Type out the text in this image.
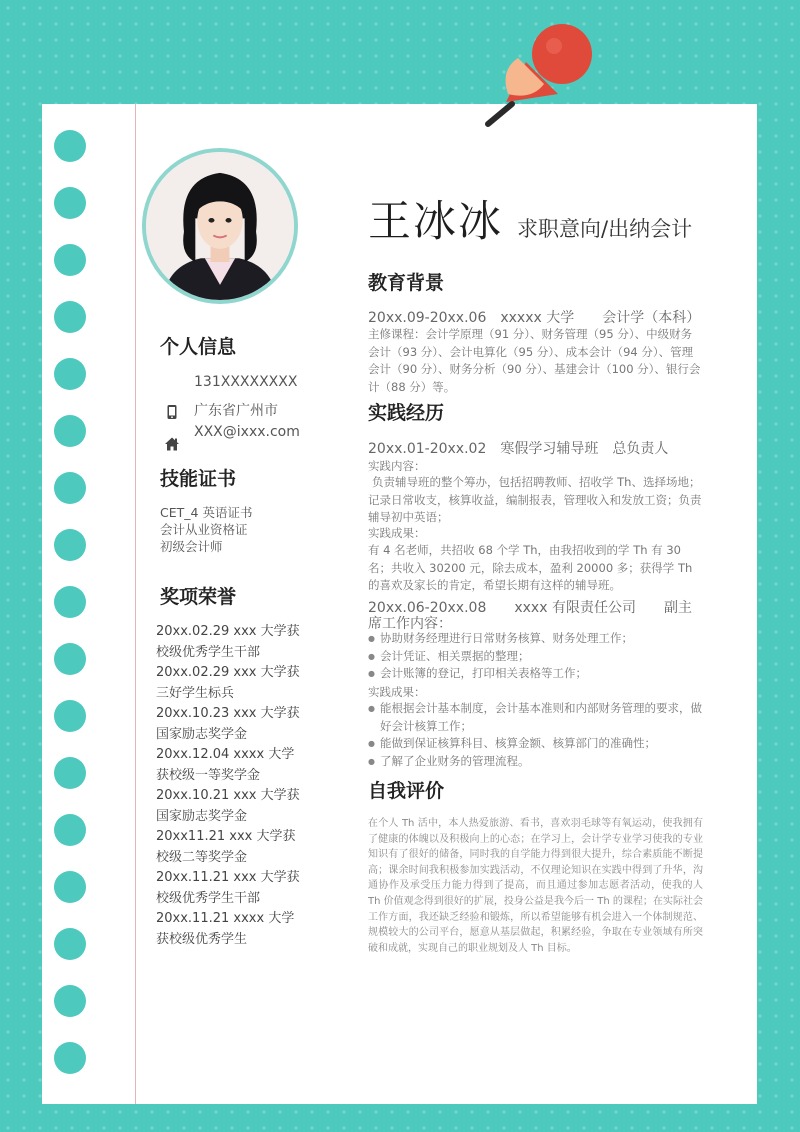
个人信息
131XXXXXXXX
广东省广州市
XXX@ixxx.com
技能证书
CET_4 英语证书
会计从业资格证
初级会计师
奖项荣誉
20xx.02.29 xxx 大学获校级优秀学生干部
20xx.02.29 xxx 大学获三好学生标兵
20xx.10.23 xxx 大学获国家励志奖学金
20xx.12.04 xxxx 大学获校级一等奖学金
20xx.10.21 xxx 大学获国家励志奖学金
20xx11.21 xxx 大学获校级二等奖学金
20xx.11.21 xxx 大学获校级优秀学生干部
20xx.11.21 xxxx 大学获校级优秀学生
王冰冰 求职意向/出纳会计
教育背景
20xx.09-20xx.06　xxxxx 大学　　会计学（本科）
主修课程：会计学原理（91 分）、财务管理（95 分）、中级财务会计（93 分）、会计电算化（95 分）、成本会计（94 分）、管理会计（90 分）、财务分析（90 分）、基建会计（100 分）、银行会计（88 分）等。
实践经历
20xx.01-20xx.02　寒假学习辅导班　总负责人
实践内容：
负责辅导班的整个筹办，包括招聘教师、招收学 Th、选择场地；记录日常收支，核算收益，编制报表，管理收入和发放工资；负责辅导初中英语；
实践成果：
有 4 名老师，共招收 68 个学 Th，由我招收到的学 Th 有 30 名；共收入 30200 元，除去成本，盈利 20000 多；获得学 Th 的喜欢及家长的肯定，希望长期有这样的辅导班。
20xx.06-20xx.08　　xxxx 有限责任公司　　副主席工作内容：
● 协助财务经理进行日常财务核算、财务处理工作；
● 会计凭证、相关票据的整理；
● 会计账簿的登记，打印相关表格等工作；
实践成果：
● 能根据会计基本制度，会计基本准则和内部财务管理的要求，做好会计核算工作；
● 能做到保证核算科目、核算金额、核算部门的准确性；
● 了解了企业财务的管理流程。
自我评价
在个人 Th 活中，本人热爱旅游、看书，喜欢羽毛球等有氧运动，使我拥有了健康的体魄以及积极向上的心态；在学习上，会计学专业学习使我的专业知识有了很好的储备，同时我的自学能力得到很大提升，综合素质能不断提高；课余时间我积极参加实践活动，不仅理论知识在实践中得到了升华，沟通协作及承受压力能力得到了提高，而且通过参加志愿者活动，使我的人 Th 价值观念得到很好的扩展，投身公益是我今后一 Th 的课程；在实际社会工作方面，我还缺乏经验和锻炼，所以希望能够有机会进入一个体制规范、规模较大的公司平台，愿意从基层做起，积累经验，争取在专业领域有所突破和成就，实现自己的职业规划及人 Th 目标。
